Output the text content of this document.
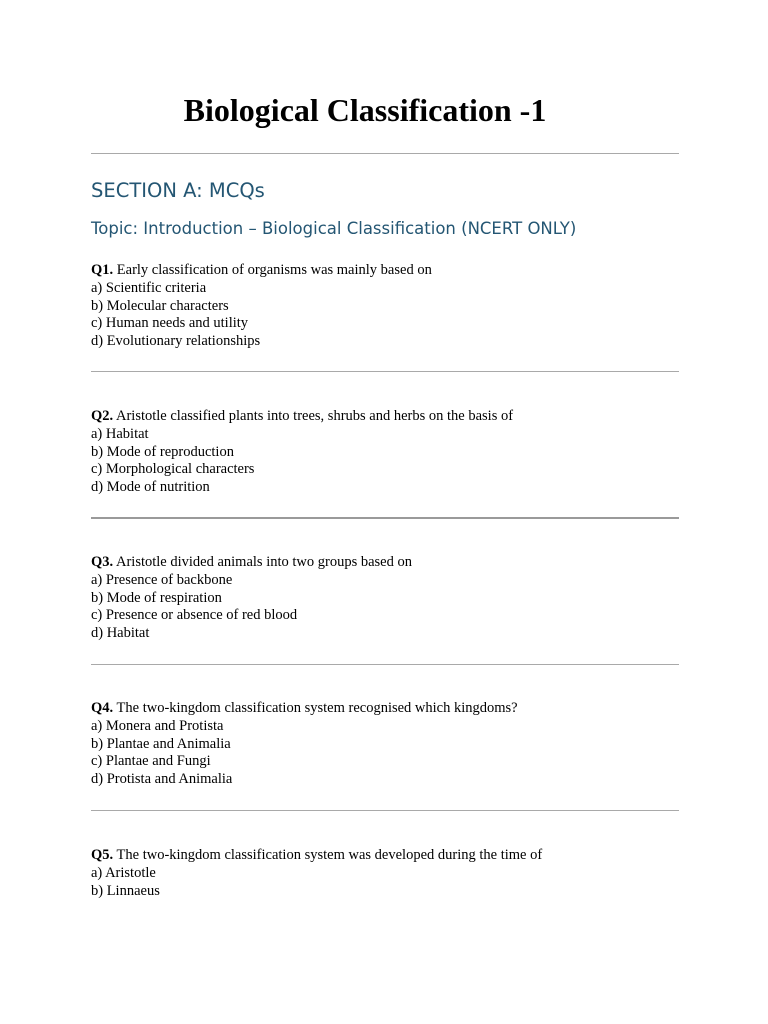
Biological Classification -1
SECTION A: MCQs
Topic: Introduction – Biological Classification (NCERT ONLY)
Q1. Early classification of organisms was mainly based on
a) Scientific criteria
b) Molecular characters
c) Human needs and utility
d) Evolutionary relationships
Q2. Aristotle classified plants into trees, shrubs and herbs on the basis of
a) Habitat
b) Mode of reproduction
c) Morphological characters
d) Mode of nutrition
Q3. Aristotle divided animals into two groups based on
a) Presence of backbone
b) Mode of respiration
c) Presence or absence of red blood
d) Habitat
Q4. The two-kingdom classification system recognised which kingdoms?
a) Monera and Protista
b) Plantae and Animalia
c) Plantae and Fungi
d) Protista and Animalia
Q5. The two-kingdom classification system was developed during the time of
a) Aristotle
b) Linnaeus
